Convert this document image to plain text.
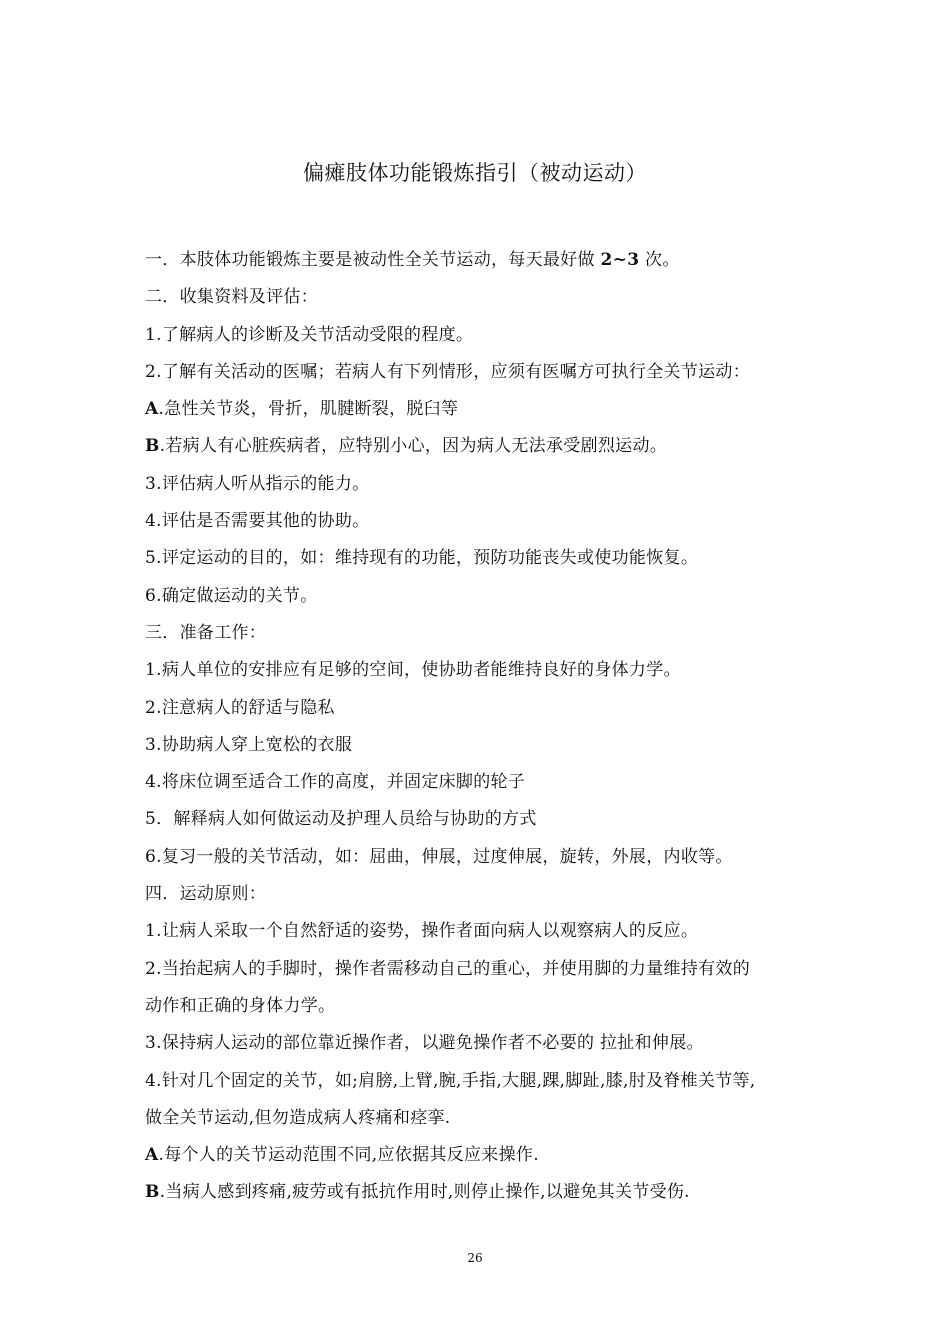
偏瘫肢体功能锻炼指引（被动运动）
一．本肢体功能锻炼主要是被动性全关节运动，每天最好做 2~3 次。
二．收集资料及评估：
1.了解病人的诊断及关节活动受限的程度。
2.了解有关活动的医嘱；若病人有下列情形，应须有医嘱方可执行全关节运动：
A.急性关节炎，骨折，肌腱断裂，脱臼等
B.若病人有心脏疾病者，应特别小心，因为病人无法承受剧烈运动。
3.评估病人听从指示的能力。
4.评估是否需要其他的协助。
5.评定运动的目的，如：维持现有的功能，预防功能丧失或使功能恢复。
6.确定做运动的关节。
三．准备工作：
1.病人单位的安排应有足够的空间，使协助者能维持良好的身体力学。
2.注意病人的舒适与隐私
3.协助病人穿上宽松的衣服
4.将床位调至适合工作的高度，并固定床脚的轮子
5．解释病人如何做运动及护理人员给与协助的方式
6.复习一般的关节活动，如：屈曲，伸展，过度伸展，旋转，外展，内收等。
四．运动原则：
1.让病人采取一个自然舒适的姿势，操作者面向病人以观察病人的反应。
2.当抬起病人的手脚时，操作者需移动自己的重心，并使用脚的力量维持有效的
动作和正确的身体力学。
3.保持病人运动的部位靠近操作者，以避免操作者不必要的 拉扯和伸展。
4.针对几个固定的关节，如;肩膀,上臂,腕,手指,大腿,踝,脚趾,膝,肘及脊椎关节等,
做全关节运动,但勿造成病人疼痛和痉挛.
A.每个人的关节运动范围不同,应依据其反应来操作.
B.当病人感到疼痛,疲劳或有抵抗作用时,则停止操作,以避免其关节受伤.
26
